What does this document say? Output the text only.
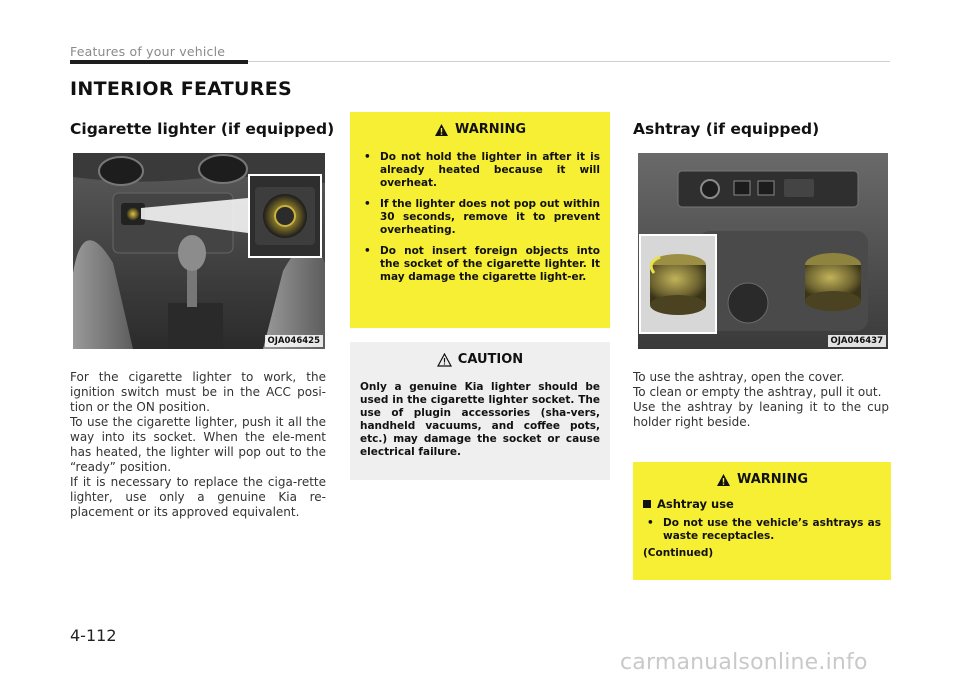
Features of your vehicle
INTERIOR FEATURES
Cigarette lighter (if equipped)
OJA046425

For the cigarette lighter to work, the ignition switch must be in the ACC posi-tion or the ON position.

To use the cigarette lighter, push it all the way into its socket. When the ele-ment has heated, the lighter will pop out to the “ready” position.

If it is necessary to replace the ciga-rette lighter, use only a genuine Kia re-placement or its approved equivalent.

WARNING
• Do not hold the lighter in after it is already heated because it will overheat.
• If the lighter does not pop out within 30 seconds, remove it to prevent overheating.
• Do not insert foreign objects into the socket of the cigarette lighter. It may damage the cigarette light-er.
CAUTION

Only a genuine Kia lighter should be used in the cigarette lighter socket. The use of plugin accessories (sha-vers, handheld vacuums, and coffee pots, etc.) may damage the socket or cause electrical failure.

Ashtray (if equipped)
OJA046437

To use the ashtray, open the cover.

To clean or empty the ashtray, pull it out.

Use the ashtray by leaning it to the cup holder right beside.

WARNING
Ashtray use
• Do not use the vehicle’s ashtrays as waste receptacles.
(Continued)
4-112
carmanualsonline.info
